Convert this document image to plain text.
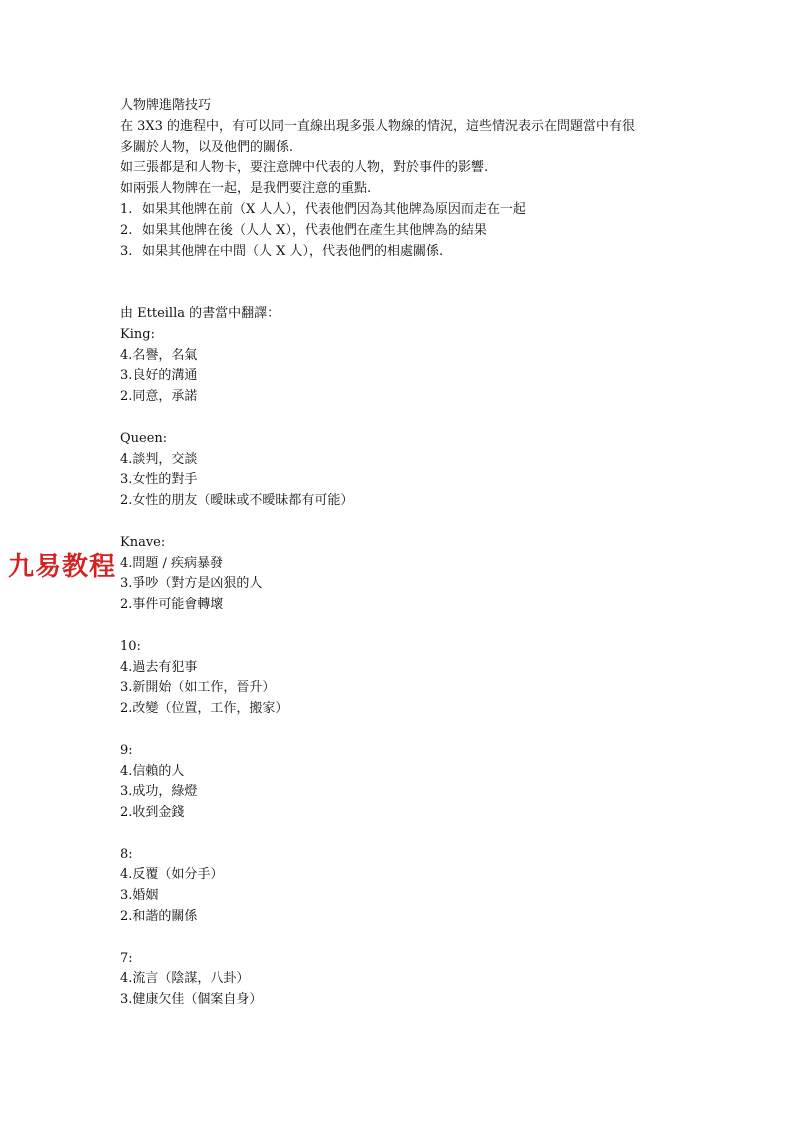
人物牌進階技巧
在 3X3 的進程中，有可以同一直線出現多張人物線的情況，這些情況表示在問題當中有很
多關於人物，以及他們的關係.
如三張都是和人物卡，要注意牌中代表的人物，對於事件的影響.
如兩張人物牌在一起，是我們要注意的重點.
1. 如果其他牌在前（X 人人），代表他們因為其他牌為原因而走在一起
2. 如果其他牌在後（人人 X），代表他們在產生其他牌為的結果
3. 如果其他牌在中間（人 X 人），代表他們的相處關係.
由 Etteilla 的書當中翻譯：
King:
4.名譽，名氣
3.良好的溝通
2.同意，承諾
Queen:
4.談判，交談
3.女性的對手
2.女性的朋友（曖昧或不曖昧都有可能）
Knave:
4.問題 / 疾病暴發
3.爭吵（對方是凶狠的人
2.事件可能會轉壞
10:
4.過去有犯事
3.新開始（如工作，晉升）
2.改變（位置，工作，搬家）
9:
4.信賴的人
3.成功，綠燈
2.收到金錢
8:
4.反覆（如分手）
3.婚姻
2.和諧的關係
7:
4.流言（陰謀，八卦）
3.健康欠佳（個案自身）
九易教程
